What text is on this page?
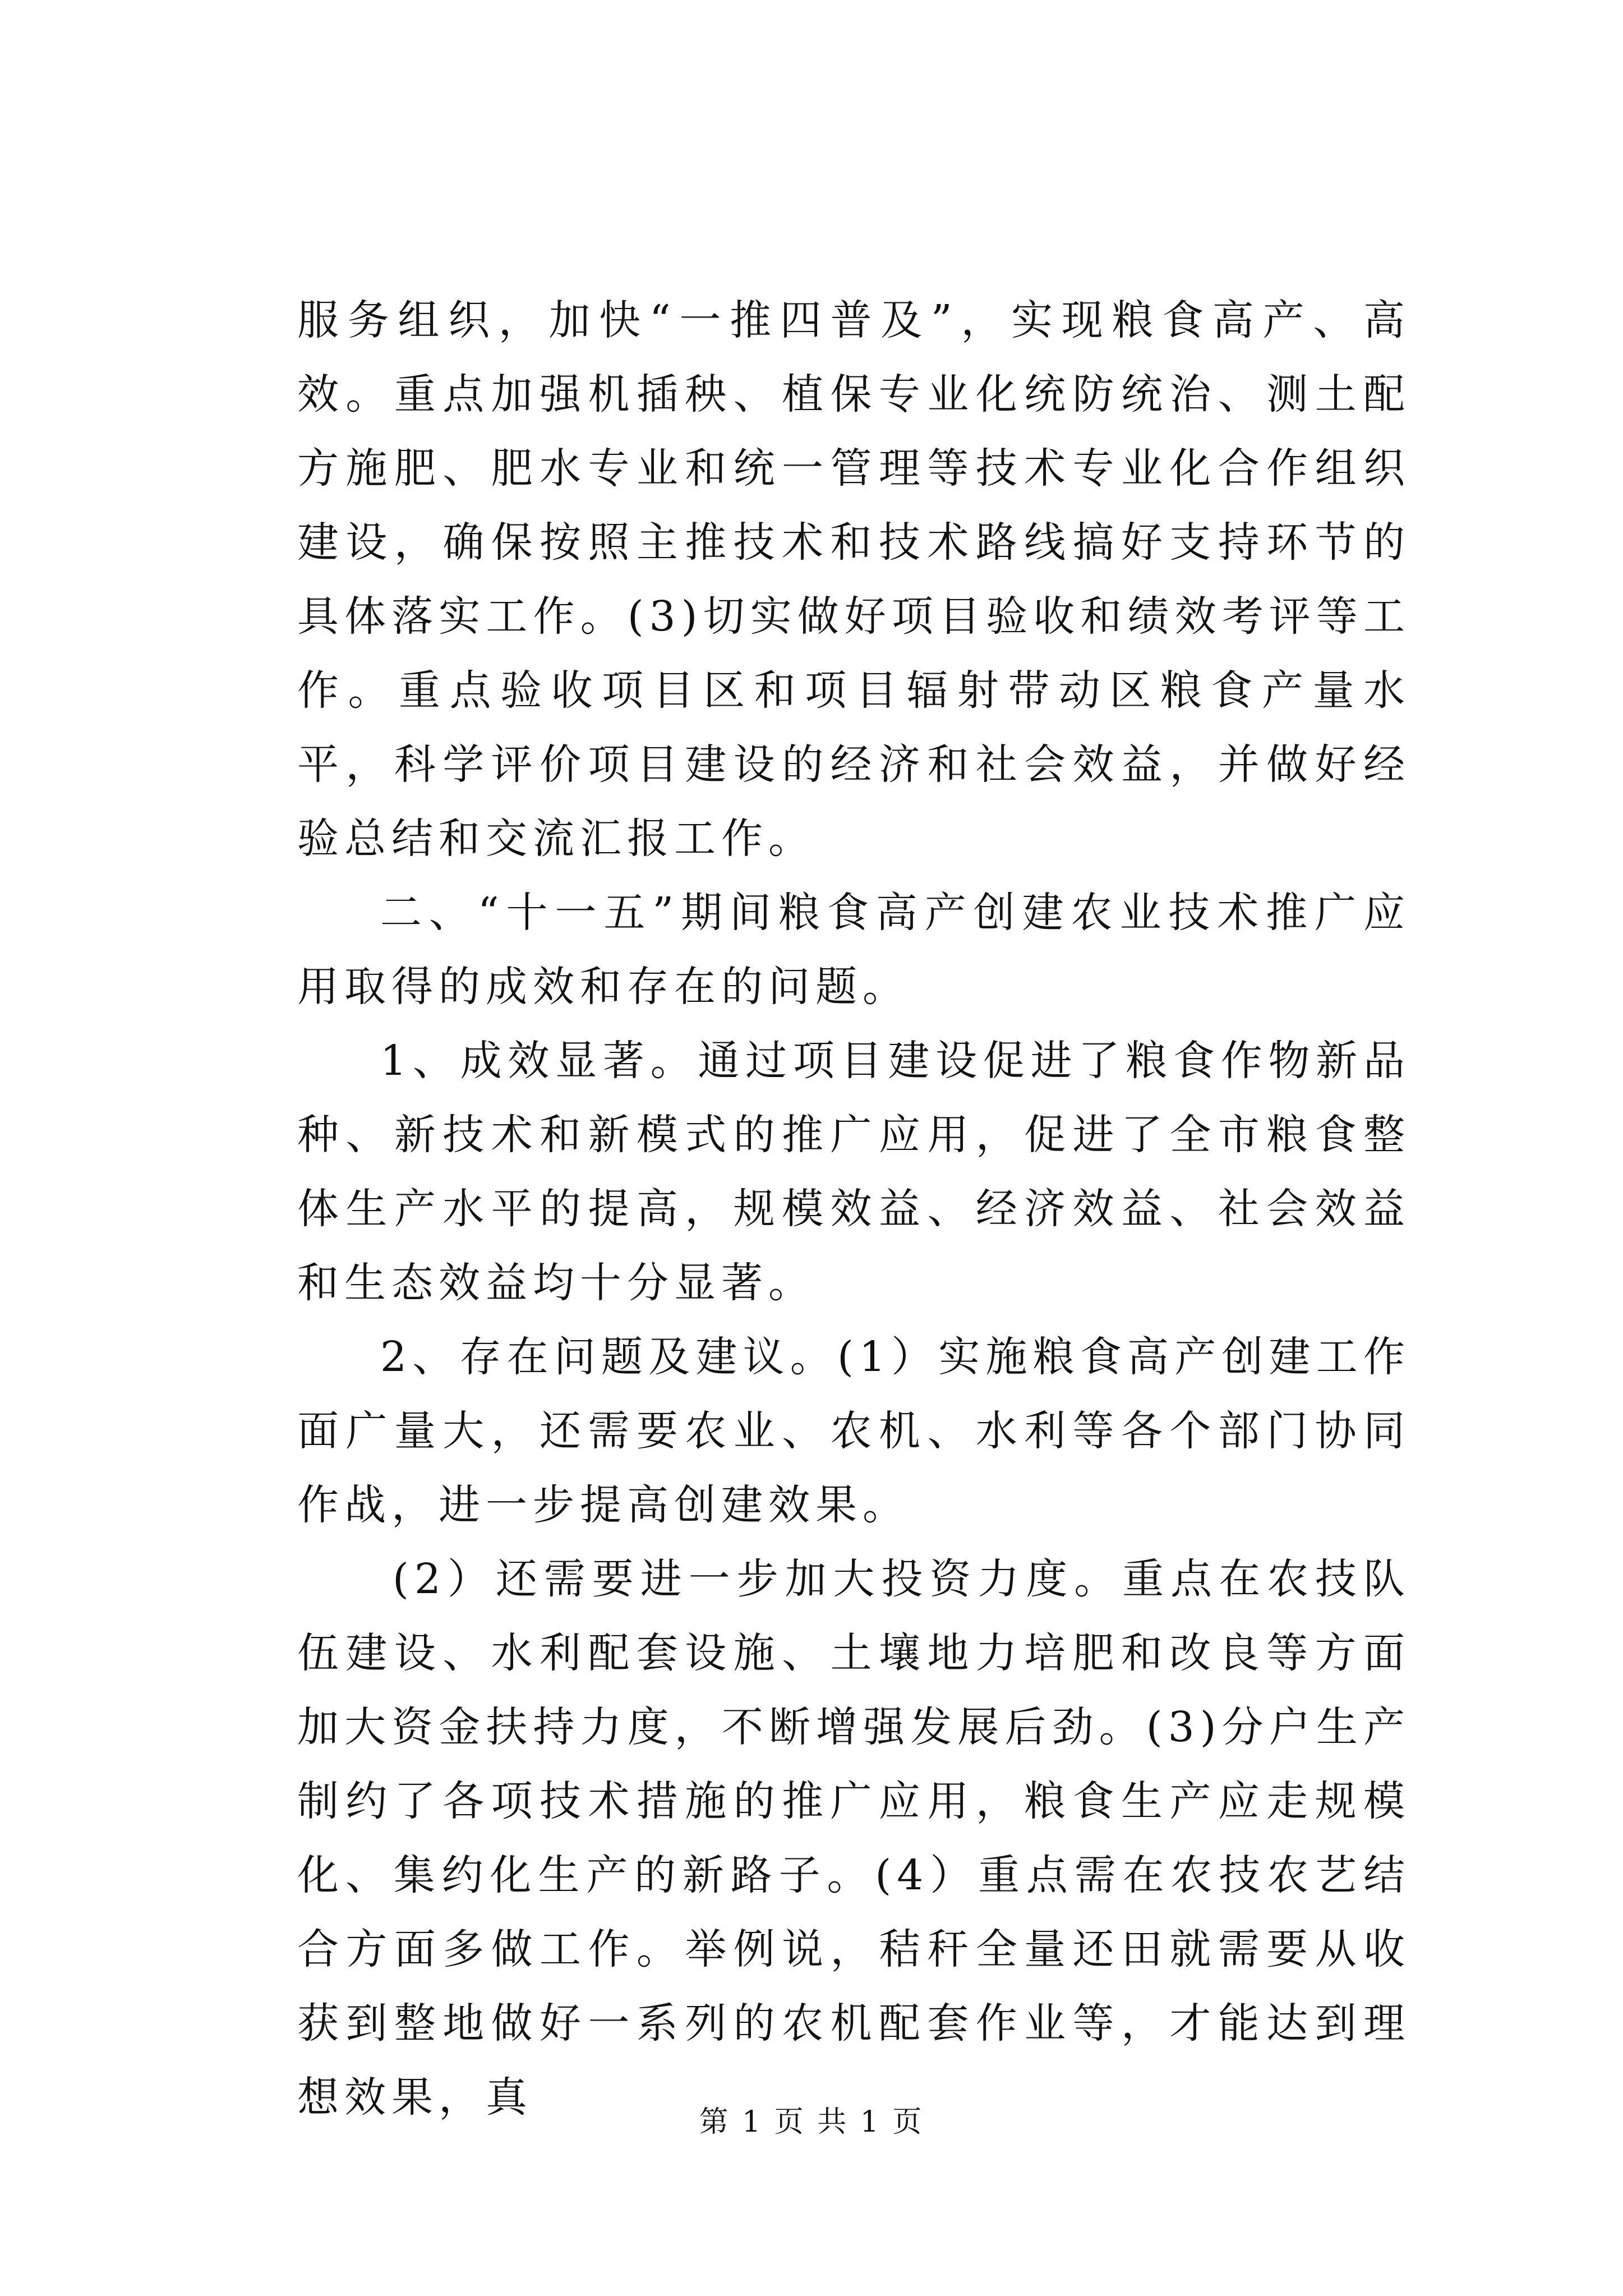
服务组织，加快“一推四普及”，实现粮食高产、高效。重点加强机插秧、植保专业化统防统治、测土配方施肥、肥水专业和统一管理等技术专业化合作组织建设，确保按照主推技术和技术路线搞好支持环节的具体落实工作。(3)切实做好项目验收和绩效考评等工作。重点验收项目区和项目辐射带动区粮食产量水平，科学评价项目建设的经济和社会效益，并做好经验总结和交流汇报工作。

二、“十一五”期间粮食高产创建农业技术推广应用取得的成效和存在的问题。

1、成效显著。通过项目建设促进了粮食作物新品种、新技术和新模式的推广应用，促进了全市粮食整体生产水平的提高，规模效益、经济效益、社会效益和生态效益均十分显著。

2、存在问题及建议。(1）实施粮食高产创建工作面广量大，还需要农业、农机、水利等各个部门协同作战，进一步提高创建效果。

(2）还需要进一步加大投资力度。重点在农技队伍建设、水利配套设施、土壤地力培肥和改良等方面加大资金扶持力度，不断增强发展后劲。(3)分户生产制约了各项技术措施的推广应用，粮食生产应走规模化、集约化生产的新路子。(4）重点需在农技农艺结合方面多做工作。举例说，秸秆全量还田就需要从收获到整地做好一系列的农机配套作业等，才能达到理想效果，真

第 1 页 共 1 页
